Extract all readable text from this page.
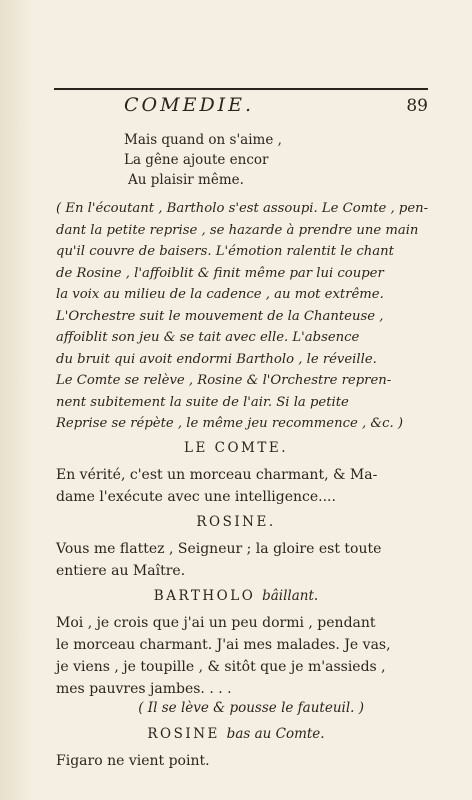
COMEDIE.	89
Mais quand on s'aime ,
La gêne ajoute encor
Au plaisir même.
( En l'écoutant , Bartholo s'est assoupi. Le Comte , pen-
dant la petite reprise , se hazarde à prendre une main
qu'il couvre de baisers. L'émotion ralentit le chant
de Rosine , l'affoiblit & finit même par lui couper
la voix au milieu de la cadence , au mot extrême.
L'Orchestre suit le mouvement de la Chanteuse ,
affoiblit son jeu & se tait avec elle. L'absence
du bruit qui avoit endormi Bartholo , le réveille.
Le Comte se relève , Rosine & l'Orchestre repren-
nent subitement la suite de l'air. Si la petite
Reprise se répète , le même jeu recommence , &c. )
LE COMTE.
En vérité, c'est un morceau charmant, & Ma-
dame l'exécute avec une intelligence....
ROSINE.
Vous me flattez , Seigneur ; la gloire est toute
entiere au Maître.
BARTHOLO bâillant.
Moi , je crois que j'ai un peu dormi , pendant
le morceau charmant. J'ai mes malades. Je vas,
je viens , je toupille , & sitôt que je m'assieds ,
mes pauvres jambes. . . .
( Il se lève & pousse le fauteuil. )
ROSINE bas au Comte.
Figaro ne vient point.
